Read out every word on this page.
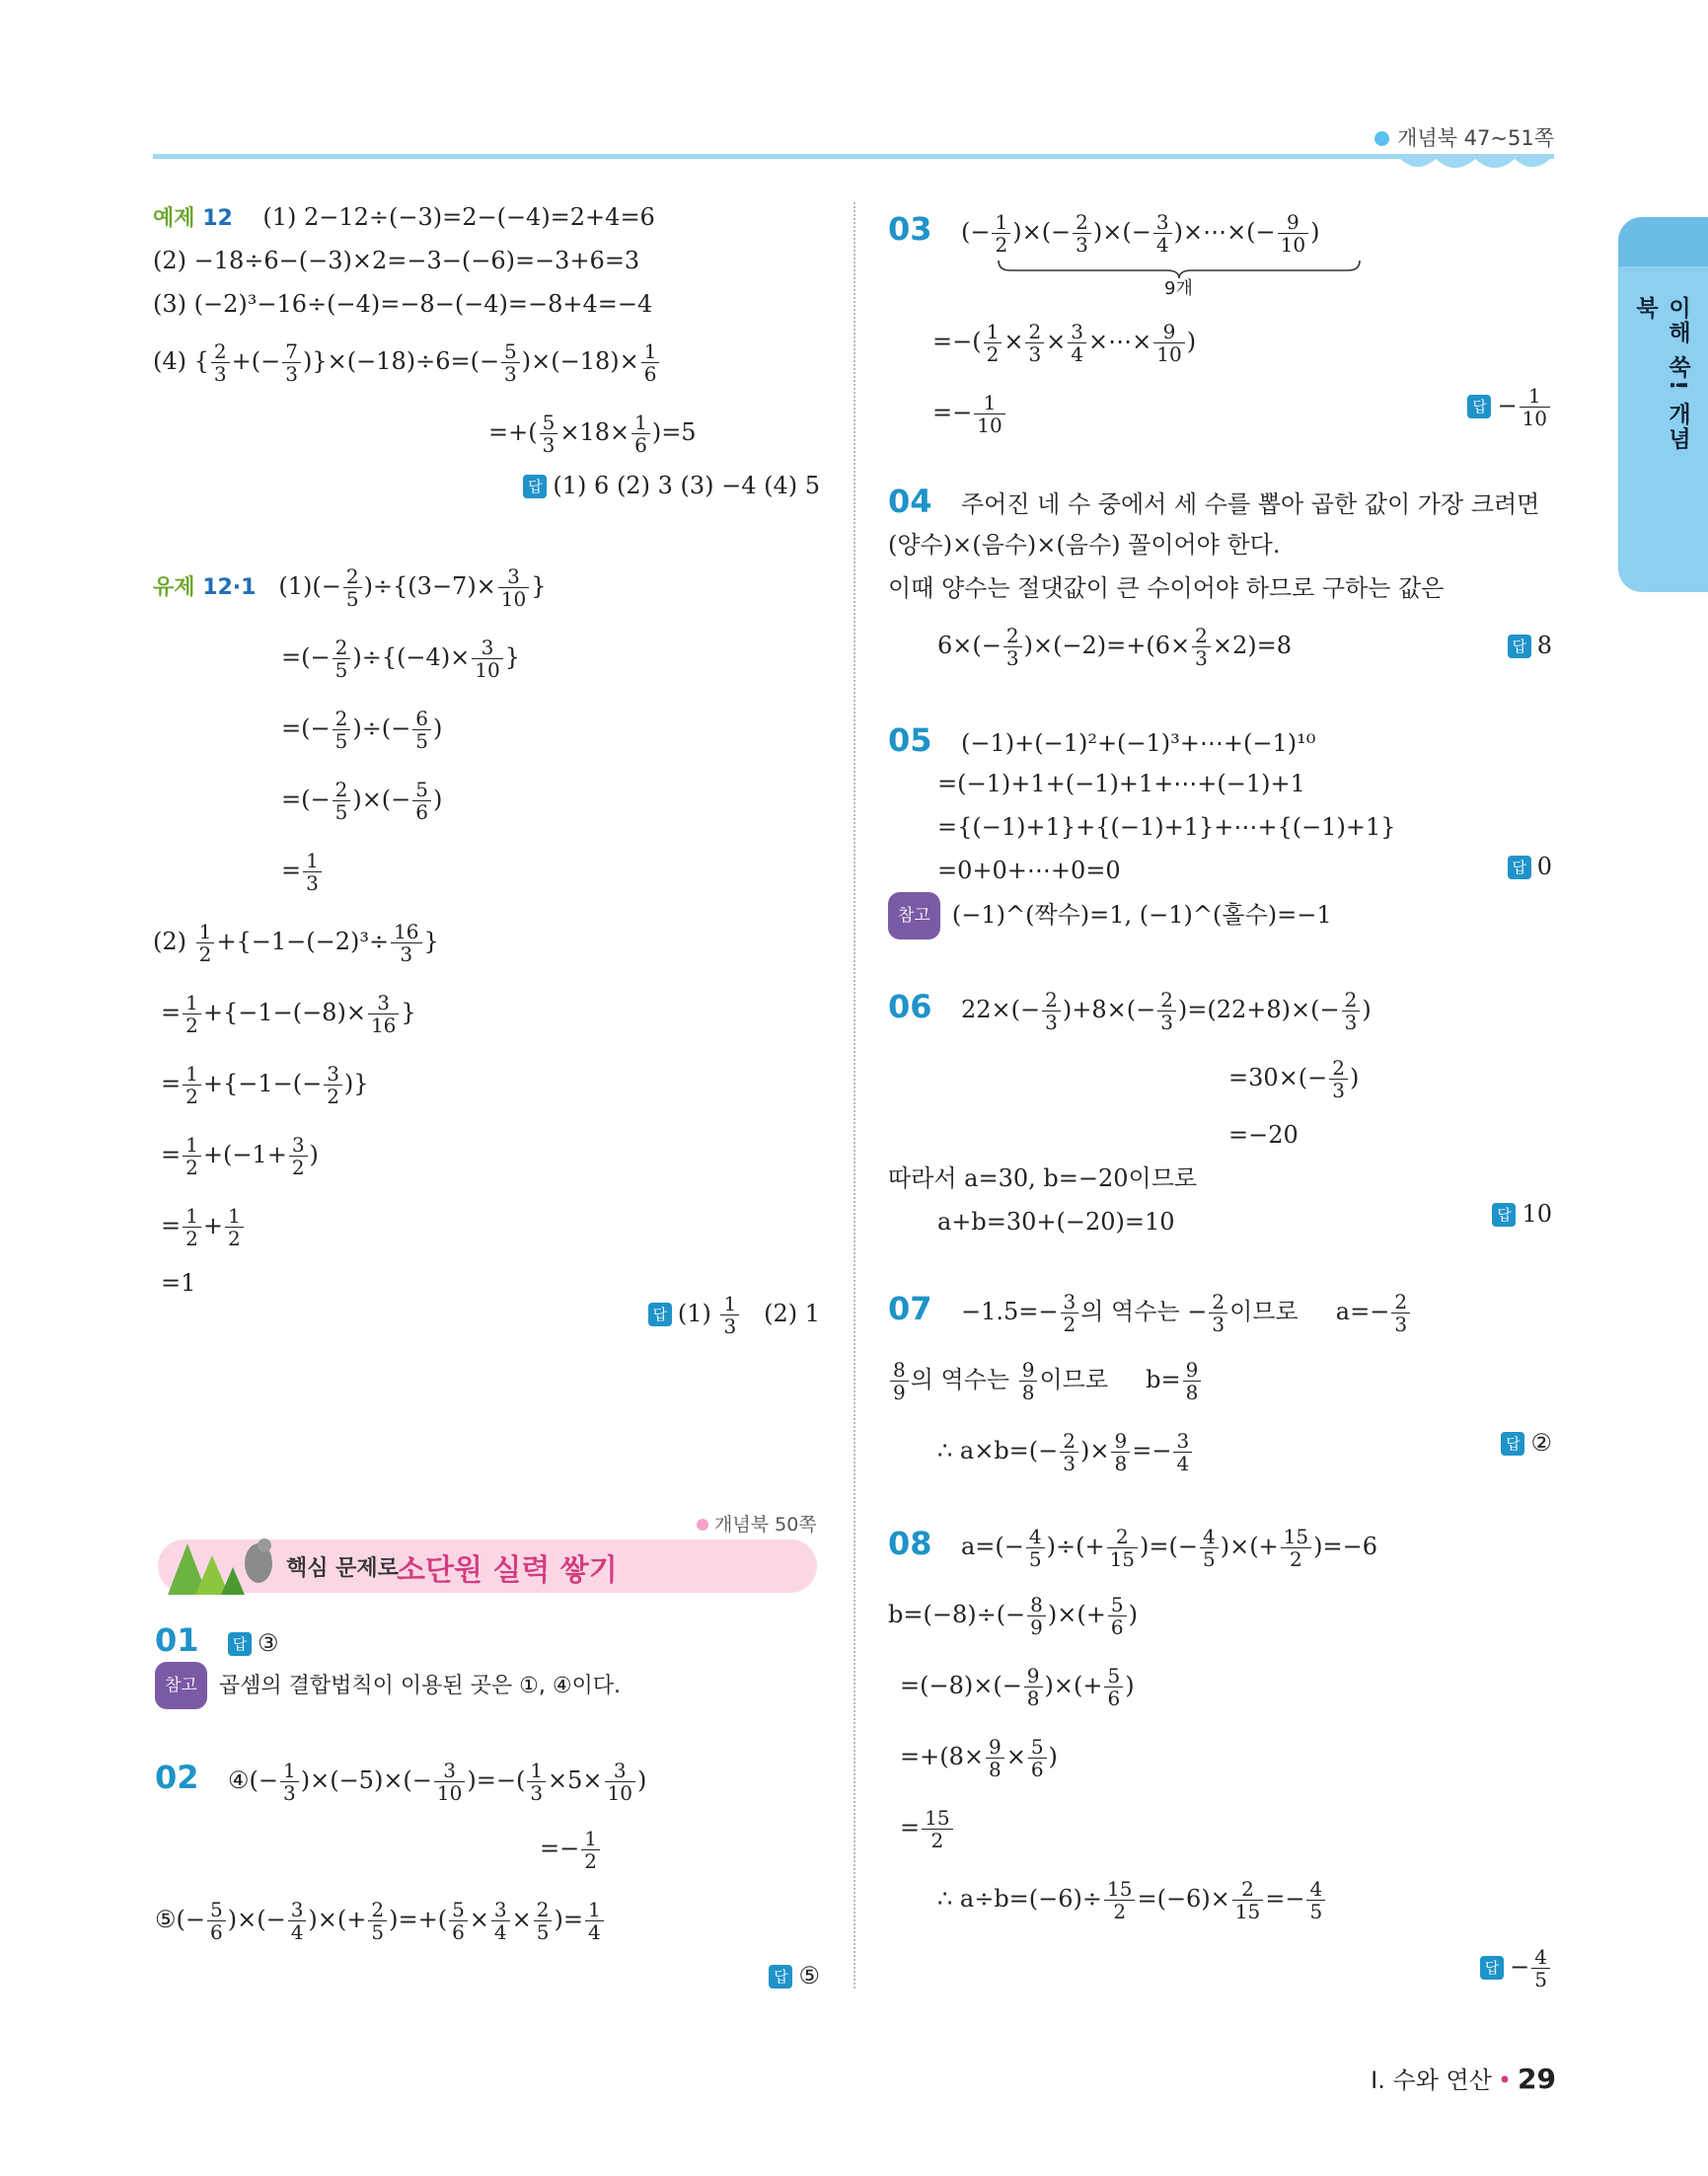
개념북 47~51쪽
이해 쑥! 개념북
예제 12 (1) 2−12÷(−3)=2−(−4)=2+4=6
(2) −18÷6−(−3)×2=−3−(−6)=−3+6=3
(3) (−2)³−16÷(−4)=−8−(−4)=−8+4=−4
(4) { $\frac{2}{3}$ +(− $\frac{7}{3} )\}\times(-18)\div 6=(- \frac{5}{3} )\times(-18)\times \frac{1}{6}$
=+( $\frac{5}{3} \times 18\times \frac{1}{6} )=5$
답 (1) 6 (2) 3 (3) −4 (4) 5
유제 12·1   $(1)(- \frac{2}{5} )\div\{(3-7)\times \frac{3}{10}$ }
=(− $\frac{2}{5} )\div\{(-4)\times \frac{3}{10}$ }
=(− $\frac{2}{5}$ )÷(− $\frac{6}{5}$ )
=(− $\frac{2}{5}$ )×(− $\frac{5}{6}$ )
= $\frac{1}{3}$
$(2) \frac{1}{2} +\{-1-(-2)^3\div \frac{16}{3}$ }
= $\frac{1}{2} +\{-1-(-8)\times \frac{3}{16}$ }
= $\frac{1}{2} +\{-1-(- \frac{3}{2}$ )}
= $\frac{1}{2} +(-1+ \frac{3}{2}$ )
= $\frac{1}{2} + \frac{1}{2}$
=1
답 $(1) \frac{1}{3} (2)$ 1
개념북 50쪽
핵심 문제로
소단원 실력 쌓기
01 답 ③
참고 곱셈의 결합법칙이 이용된 곳은 ①, ④이다.
02 ④(− $\frac{1}{3} )\times(-5)\times(- \frac{3}{10}$ )=−( $\frac{1}{3} \times 5\times \frac{3}{10}$ )
=− $\frac{1}{2}$
⑤(− $\frac{5}{6}$ )×(− $\frac{3}{4}$ )×(+ $\frac{2}{5}$ )=+( $\frac{5}{6} \times \frac{3}{4} \times \frac{2}{5}$ )= $\frac{1}{4}$
답 ⑤
03 (− $\frac{1}{2}$ )×(− $\frac{2}{3}$ )×(− $\frac{3}{4}$ )×⋯×(− $\frac{9}{10}$ )
9개
=−( $\frac{1}{2} \times \frac{2}{3} \times \frac{3}{4}$ ×⋯× $\frac{9}{10}$ )
=− $\frac{1}{10}$	답 − $\frac{1}{10}$
04 주어진 네 수 중에서 세 수를 뽑아 곱한 값이 가장 크려면
(양수)×(음수)×(음수) 꼴이어야 한다.
이때 양수는 절댓값이 큰 수이어야 하므로 구하는 값은
$6\times(- \frac{2}{3} )\times(-2)=+(6\times \frac{2}{3} \times 2)=8$	답 8
05 (−1)+(−1)²+(−1)³+⋯+(−1)¹⁰
=(−1)+1+(−1)+1+⋯+(−1)+1
={(−1)+1}+{(−1)+1}+⋯+{(−1)+1}
=0+0+⋯+0=0
참고 (−1)^(짝수)=1, (−1)^(홀수)=−1
답 0
06 $22\times(- \frac{2}{3} )+8\times(- \frac{2}{3} )=(22+8)\times(- \frac{2}{3}$ )
$=30\times(- \frac{2}{3}$ )
=−20
따라서 a=30, b=−20이므로
a+b=30+(−20)=10	답 10
$07 -1.5=- \frac{3}{2}$ 의 역수는 − $\frac{2}{3}$ 이므로     $a=- \frac{2}{3}$
$\frac{8}{9}$ 의 역수는 $\frac{9}{8}$ 이므로     $b= \frac{9}{8}$
∴ $a\times b=(- \frac{2}{3}$ )× $\frac{9}{8} =- \frac{3}{4}$	답 ②
08 $a=(- \frac{4}{5}$ )÷(+ $\frac{2}{15}$ )=(− $\frac{4}{5}$ )×(+ $\frac{15}{2} )=-6$
$b=(-8)\div(- \frac{8}{9}$ )×(+ $\frac{5}{6}$ )
$=(-8)\times(- \frac{9}{8}$ )×(+ $\frac{5}{6}$ )
$=+(8\times \frac{9}{8} \times \frac{5}{6}$ )
= $\frac{15}{2}$
∴ $a\div b=(-6)\div \frac{15}{2} =(-6)\times \frac{2}{15} =- \frac{4}{5}$
답 − $\frac{4}{5}$
Ⅰ. 수와 연산 • 29
